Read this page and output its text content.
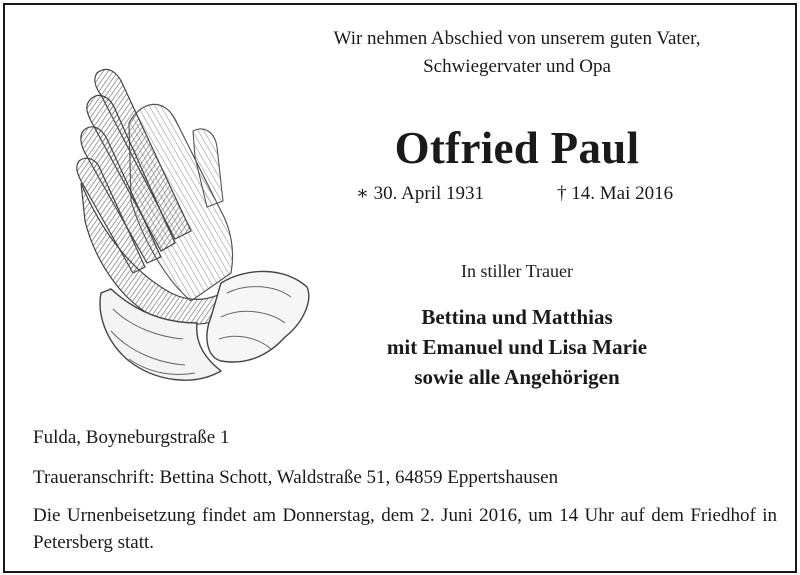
Wir nehmen Abschied von unserem guten Vater,
Schwiegervater und Opa
Otfried Paul
∗ 30. April 1931	† 14. Mai 2016
In stiller Trauer
Bettina und Matthias
mit Emanuel und Lisa Marie
sowie alle Angehörigen
Fulda, Boyneburgstraße 1
Traueranschrift: Bettina Schott, Waldstraße 51, 64859 Eppertshausen
Die Urnenbeisetzung findet am Donnerstag, dem 2. Juni 2016, um 14 Uhr auf dem Friedhof in Petersberg statt.
